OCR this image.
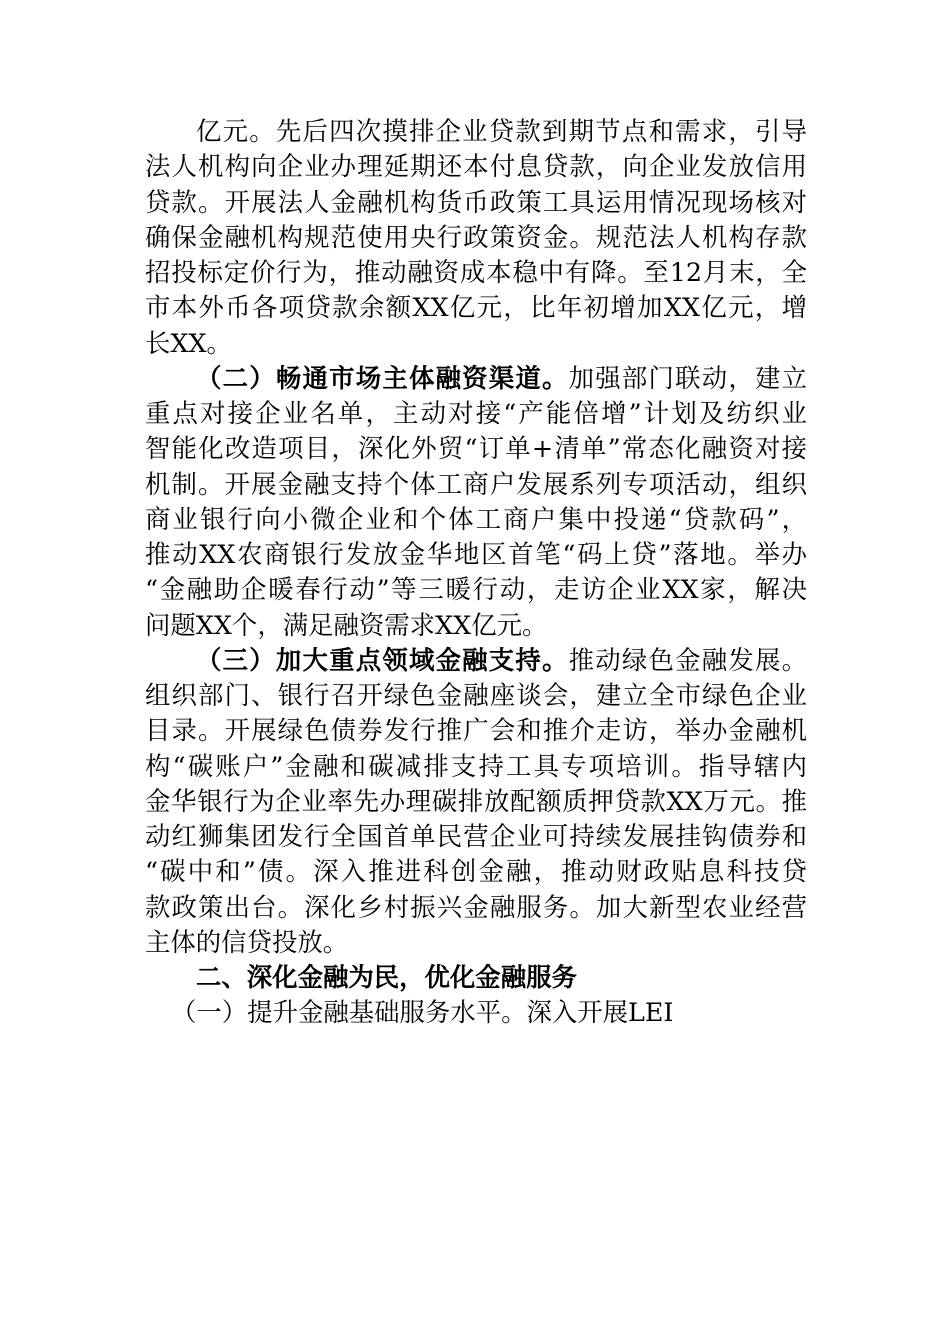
亿元。先后四次摸排企业贷款到期节点和需求，引导
法人机构向企业办理延期还本付息贷款，向企业发放信用
贷款。开展法人金融机构货币政策工具运用情况现场核对
确保金融机构规范使用央行政策资金。规范法人机构存款
招投标定价行为，推动融资成本稳中有降。至12月末，全
市本外币各项贷款余额XX亿元，比年初增加XX亿元，增
长XX。
（二）畅通市场主体融资渠道。加强部门联动，建立
重点对接企业名单，主动对接“产能倍增”计划及纺织业
智能化改造项目，深化外贸“订单+清单”常态化融资对接
机制。开展金融支持个体工商户发展系列专项活动，组织
商业银行向小微企业和个体工商户集中投递“贷款码”，
推动XX农商银行发放金华地区首笔“码上贷”落地。举办
“金融助企暖春行动”等三暖行动，走访企业XX家，解决
问题XX个，满足融资需求XX亿元。
（三）加大重点领域金融支持。推动绿色金融发展。
组织部门、银行召开绿色金融座谈会，建立全市绿色企业
目录。开展绿色债券发行推广会和推介走访，举办金融机
构“碳账户”金融和碳减排支持工具专项培训。指导辖内
金华银行为企业率先办理碳排放配额质押贷款XX万元。推
动红狮集团发行全国首单民营企业可持续发展挂钩债券和
“碳中和”债。深入推进科创金融，推动财政贴息科技贷
款政策出台。深化乡村振兴金融服务。加大新型农业经营
主体的信贷投放。
二、深化金融为民，优化金融服务
（一）提升金融基础服务水平。深入开展LEI
